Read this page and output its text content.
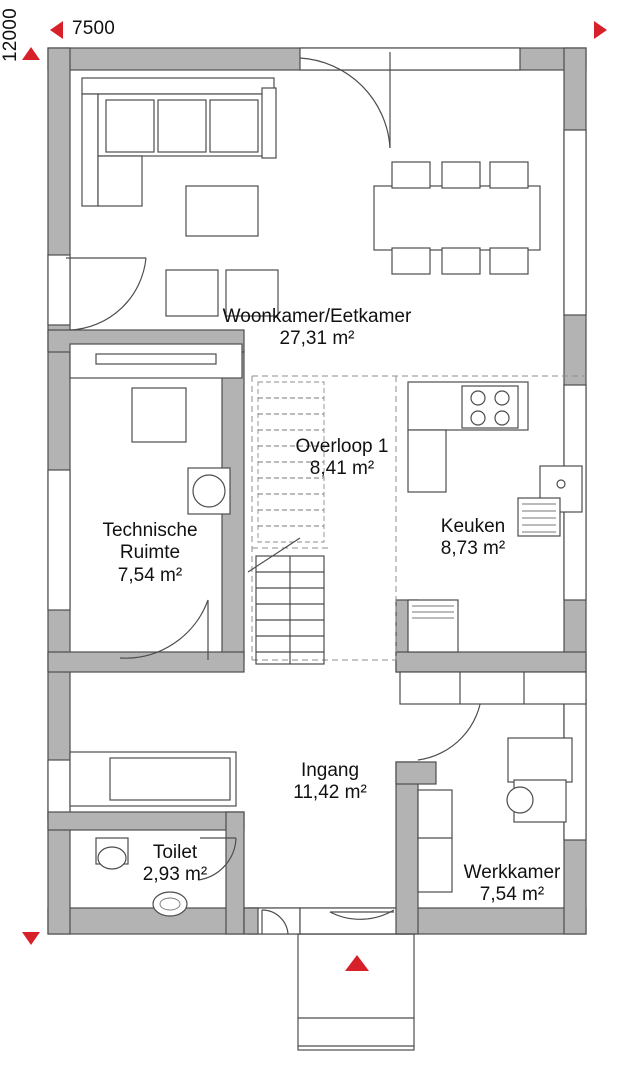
7500
12000
Woonkamer/Eetkamer
27,31 m²
Overloop 1
8,41 m²
Technische
Ruimte
7,54 m²
Keuken
8,73 m²
Ingang
11,42 m²
Toilet
2,93 m²	Werkkamer
7,54 m²
